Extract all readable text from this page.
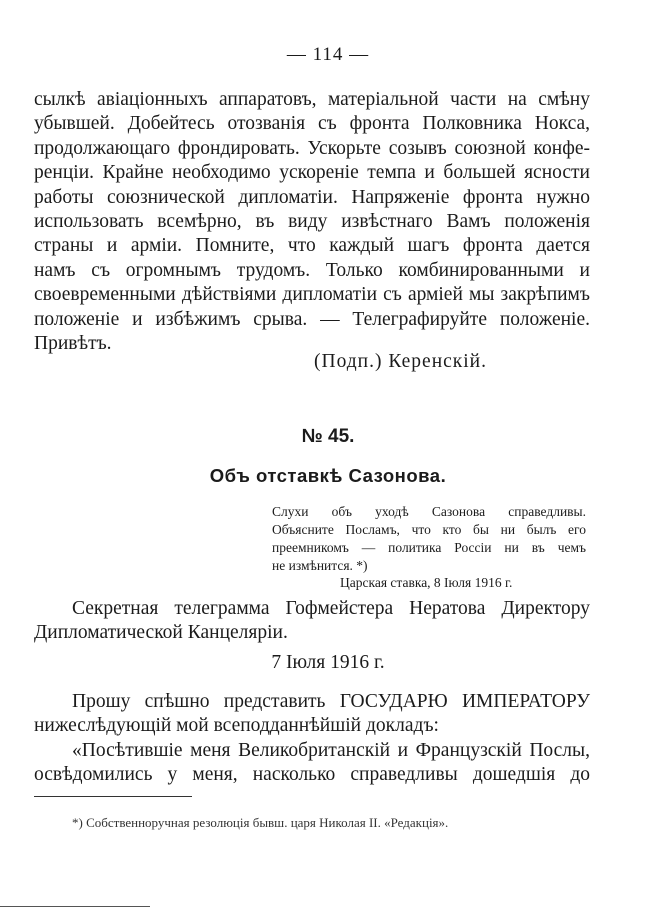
— 114 —
сылкѣ авіаціонныхъ аппаратовъ, матеріальной части на смѣну
убывшей. Добейтесь отозванія съ фронта Полковника Нокса,
продолжающаго фрондировать. Ускорьте созывъ союзной конфе-
ренціи. Крайне необходимо ускореніе темпа и большей ясности
работы союзнической дипломатіи. Напряженіе фронта нужно
использовать всемѣрно, въ виду извѣстнаго Вамъ положенія
страны и арміи. Помните, что каждый шагъ фронта дается
намъ съ огромнымъ трудомъ. Только комбинированными и
своевременными дѣйствіями дипломатіи съ арміей мы закрѣпимъ
положеніе и избѣжимъ срыва. — Телеграфируйте положеніе.
Привѣтъ.
(Подп.) Керенскій.
№ 45.
Объ отставкѣ Сазонова.
Слухи объ уходѣ Сазонова справедливы.
Объясните Посламъ, что кто бы ни былъ его
преемникомъ — политика Россіи ни въ чемъ
не измѣнится. *)
Царская ставка, 8 Іюля 1916 г.
Секретная телеграмма Гофмейстера Нератова Директору
Дипломатической Канцеляріи.
7 Іюля 1916 г.
Прошу спѣшно представить ГОСУДАРЮ ИМПЕРАТОРУ
нижеслѣдующій мой всеподданнѣйшій докладъ:
«Посѣтившіе меня Великобританскій и Французскій Послы,
освѣдомились у меня, насколько справедливы дошедшія до
*) Собственноручная резолюція бывш. царя Николая II. «Редакція».
